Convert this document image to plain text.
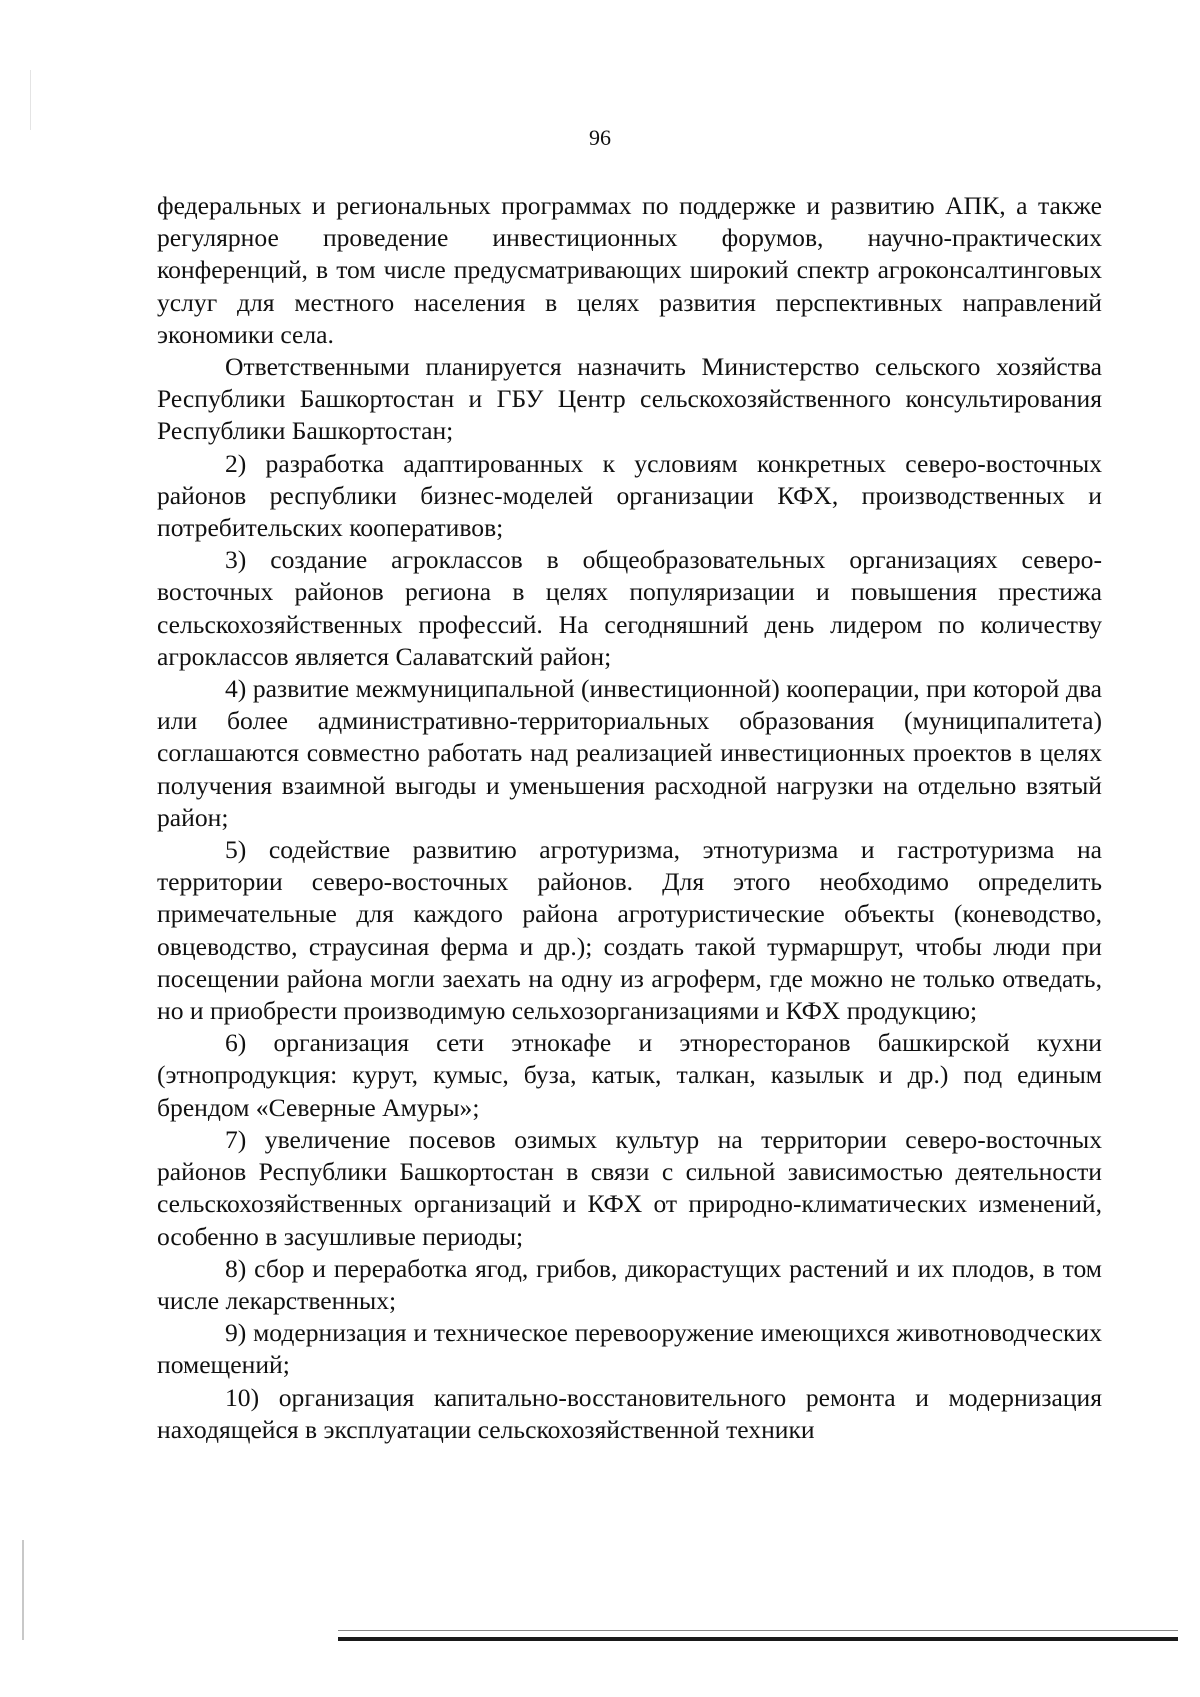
96

федеральных и региональных программах по поддержке и развитию АПК, а также регулярное проведение инвестиционных форумов, научно-практических конференций, в том числе предусматривающих широкий спектр агроконсалтинговых услуг для местного населения в целях развития перспективных направлений экономики села.

Ответственными планируется назначить Министерство сельского хозяйства Республики Башкортостан и ГБУ Центр сельскохозяйственного консультирования Республики Башкортостан;

2) разработка адаптированных к условиям конкретных северо-восточных районов республики бизнес-моделей организации КФХ, производственных и потребительских кооперативов;

3) создание агроклассов в общеобразовательных организациях северо-восточных районов региона в целях популяризации и повышения престижа сельскохозяйственных профессий. На сегодняшний день лидером по количеству агроклассов является Салаватский район;

4) развитие межмуниципальной (инвестиционной) кооперации, при которой два или более административно-территориальных образования (муниципалитета) соглашаются совместно работать над реализацией инвестиционных проектов в целях получения взаимной выгоды и уменьшения расходной нагрузки на отдельно взятый район;

5) содействие развитию агротуризма, этнотуризма и гастротуризма на территории северо-восточных районов. Для этого необходимо определить примечательные для каждого района агротуристические объекты (коневодство, овцеводство, страусиная ферма и др.); создать такой турмаршрут, чтобы люди при посещении района могли заехать на одну из агроферм, где можно не только отведать, но и приобрести производимую сельхозорганизациями и КФХ продукцию;

6) организация сети этнокафе и этноресторанов башкирской кухни (этнопродукция: курут, кумыс, буза, катык, талкан, казылык и др.) под единым брендом «Северные Амуры»;

7) увеличение посевов озимых культур на территории северо-восточных районов Республики Башкортостан в связи с сильной зависимостью деятельности сельскохозяйственных организаций и КФХ от природно-климатических изменений, особенно в засушливые периоды;

8) сбор и переработка ягод, грибов, дикорастущих растений и их плодов, в том числе лекарственных;

9) модернизация и техническое перевооружение имеющихся животноводческих помещений;

10) организация капитально-восстановительного ремонта и модернизация находящейся в эксплуатации сельскохозяйственной техники
